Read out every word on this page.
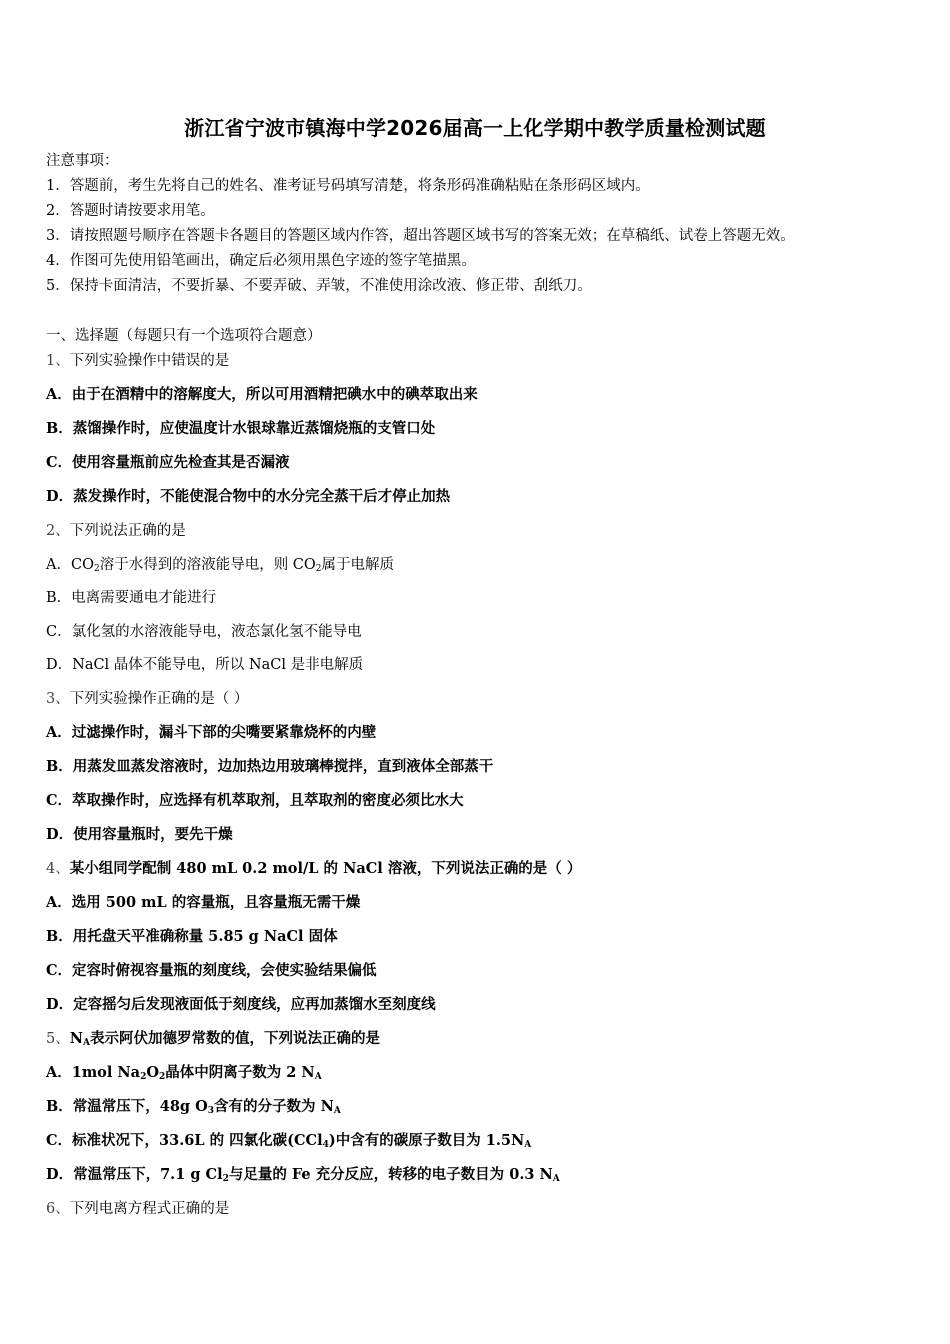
浙江省宁波市镇海中学2026届高一上化学期中教学质量检测试题
注意事项：
1．答题前，考生先将自己的姓名、准考证号码填写清楚，将条形码准确粘贴在条形码区域内。
2．答题时请按要求用笔。
3．请按照题号顺序在答题卡各题目的答题区域内作答，超出答题区域书写的答案无效；在草稿纸、试卷上答题无效。
4．作图可先使用铅笔画出，确定后必须用黑色字迹的签字笔描黑。
5．保持卡面清洁，不要折暴、不要弄破、弄皱，不准使用涂改液、修正带、刮纸刀。
一、选择题（每题只有一个选项符合题意）
1、下列实验操作中错误的是
A．由于在酒精中的溶解度大，所以可用酒精把碘水中的碘萃取出来
B．蒸馏操作时，应使温度计水银球靠近蒸馏烧瓶的支管口处
C．使用容量瓶前应先检查其是否漏液
D．蒸发操作时，不能使混合物中的水分完全蒸干后才停止加热
2、下列说法正确的是
A．$CO_2$溶于水得到的溶液能导电，则 $CO_2$属于电解质
B．电离需要通电才能进行
C．氯化氢的水溶液能导电，液态氯化氢不能导电
D．NaCl 晶体不能导电，所以 NaCl 是非电解质
3、下列实验操作正确的是（ ）
A．过滤操作时，漏斗下部的尖嘴要紧靠烧杯的内壁
B．用蒸发皿蒸发溶液时，边加热边用玻璃棒搅拌，直到液体全部蒸干
C．萃取操作时，应选择有机萃取剂，且萃取剂的密度必须比水大
D．使用容量瓶时，要先干燥
4、某小组同学配制 480 mL 0.2 mol/L 的 NaCl 溶液，下列说法正确的是（ ）
A．选用 500 mL 的容量瓶，且容量瓶无需干燥
B．用托盘天平准确称量 5.85 g NaCl 固体
C．定容时俯视容量瓶的刻度线，会使实验结果偏低
D．定容摇匀后发现液面低于刻度线，应再加蒸馏水至刻度线
5、$N_A$表示阿伏加德罗常数的值，下列说法正确的是
A．1mol $Na_2O_2$晶体中阴离子数为 2 $N_A$
B．常温常压下，48g $O_3$含有的分子数为 $N_A$
C．标准状况下，33.6L 的 四氯化碳(CCl$_4$)中含有的碳原子数目为 $1.5N_A$
D．常温常压下，7.1 g $Cl_2$与足量的 Fe 充分反应，转移的电子数目为 0.3 $N_A$
6、下列电离方程式正确的是
